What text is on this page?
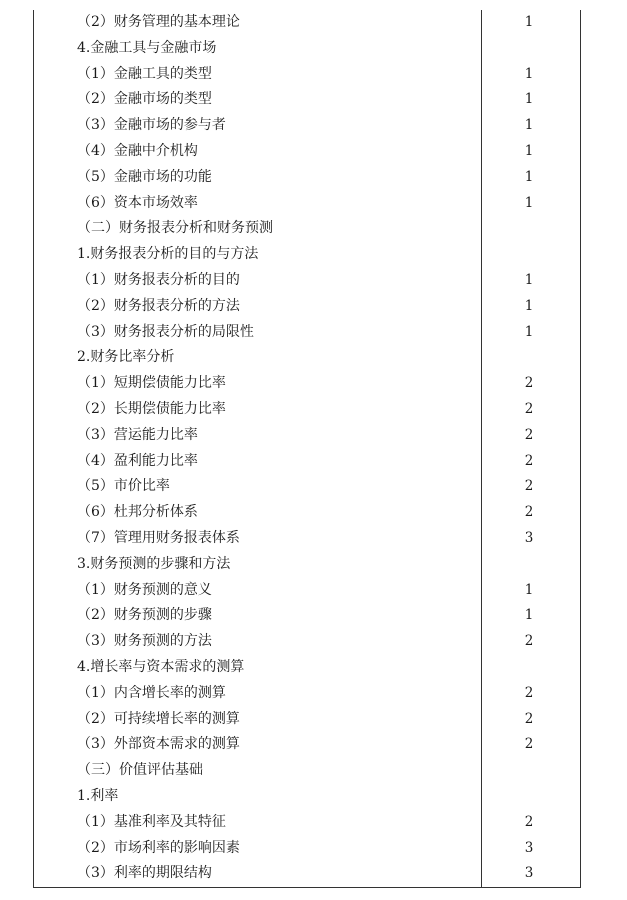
（2）财务管理的基本理论	1
4.金融工具与金融市场	
（1）金融工具的类型	1
（2）金融市场的类型	1
（3）金融市场的参与者	1
（4）金融中介机构	1
（5）金融市场的功能	1
（6）资本市场效率	1
（二）财务报表分析和财务预测	
1.财务报表分析的目的与方法	
（1）财务报表分析的目的	1
（2）财务报表分析的方法	1
（3）财务报表分析的局限性	1
2.财务比率分析	
（1）短期偿债能力比率	2
（2）长期偿债能力比率	2
（3）营运能力比率	2
（4）盈利能力比率	2
（5）市价比率	2
（6）杜邦分析体系	2
（7）管理用财务报表体系	3
3.财务预测的步骤和方法	
（1）财务预测的意义	1
（2）财务预测的步骤	1
（3）财务预测的方法	2
4.增长率与资本需求的测算	
（1）内含增长率的测算	2
（2）可持续增长率的测算	2
（3）外部资本需求的测算	2
（三）价值评估基础	
1.利率	
（1）基准利率及其特征	2
（2）市场利率的影响因素	3
（3）利率的期限结构	3
